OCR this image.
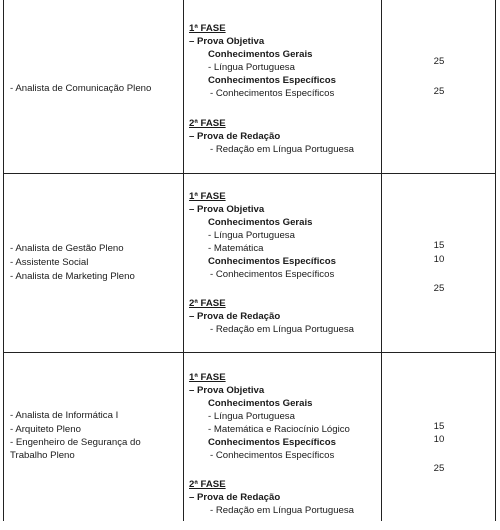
- Analista de Comunicação Pleno
1ª FASE
– Prova Objetiva
Conhecimentos Gerais
- Língua Portuguesa
Conhecimentos Específicos
- Conhecimentos Específicos
2ª FASE
– Prova de Redação
- Redação em Língua Portuguesa
25
25
- Analista de Gestão Pleno
- Assistente Social
- Analista de Marketing Pleno
1ª FASE
– Prova Objetiva
Conhecimentos Gerais
- Língua Portuguesa
- Matemática
Conhecimentos Específicos
- Conhecimentos Específicos
2ª FASE
– Prova de Redação
- Redação em Língua Portuguesa
15
10
25
- Analista de Informática I
- Arquiteto Pleno
- Engenheiro de Segurança do
Trabalho Pleno
1ª FASE
– Prova Objetiva
Conhecimentos Gerais
- Língua Portuguesa
- Matemática e Raciocínio Lógico
Conhecimentos Específicos
- Conhecimentos Específicos
2ª FASE
– Prova de Redação
- Redação em Língua Portuguesa
15
10
25
